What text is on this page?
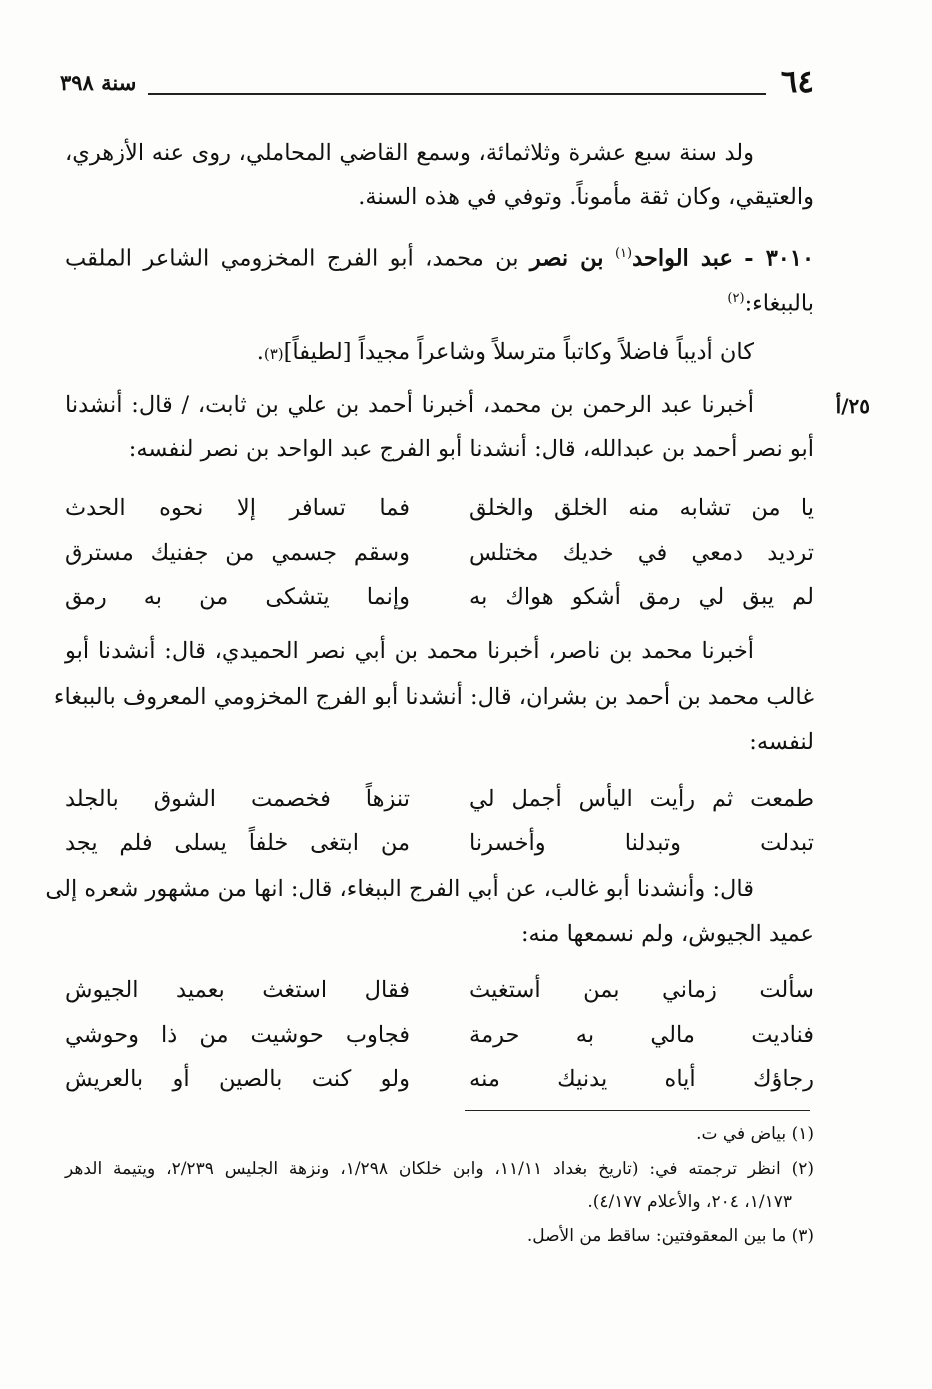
٦٤
سنة ٣٩٨
ولد سنة سبع عشرة وثلاثمائة، وسمع القاضي المحاملي، روى عنه الأزهري،
والعتيقي، وكان ثقة مأموناً. وتوفي في هذه السنة.
٣٠١٠ - عبد الواحد$^{(١)}$ بن نصر بن محمد، أبو الفرج المخزومي الشاعر الملقب
بالببغاء:$^{(٢)}$
كان أديباً فاضلاً وكاتباً مترسلاً وشاعراً مجيداً [لطيفاً](٣).
٢٥/أ
أخبرنا عبد الرحمن بن محمد، أخبرنا أحمد بن علي بن ثابت، / قال: أنشدنا
أبو نصر أحمد بن عبدالله، قال: أنشدنا أبو الفرج عبد الواحد بن نصر لنفسه:
يا من تشابه منه الخلق والخلق
فما تسافر إلا نحوه الحدث
ترديد دمعي في خديك مختلس
وسقم جسمي من جفنيك مسترق
لم يبق لي رمق أشكو هواك به
وإنما يتشكى من به رمق
أخبرنا محمد بن ناصر، أخبرنا محمد بن أبي نصر الحميدي، قال: أنشدنا أبو
غالب محمد بن أحمد بن بشران، قال: أنشدنا أبو الفرج المخزومي المعروف بالببغاء
لنفسه:
طمعت ثم رأيت اليأس أجمل لي
تنزهاً فخصمت الشوق بالجلد
تبدلت وتبدلنا وأخسرنا
من ابتغى خلفاً يسلى فلم يجد
قال: وأنشدنا أبو غالب، عن أبي الفرج الببغاء، قال: انها من مشهور شعره إلى
عميد الجيوش، ولم نسمعها منه:
سألت زماني بمن أستغيث
فقال استغث بعميد الجيوش
فناديت مالي به حرمة
فجاوب حوشيت من ذا وحوشي
رجاؤك أياه يدنيك منه
ولو كنت بالصين أو بالعريش
(١) بياض في ت.
(٢) انظر ترجمته في: (تاريخ بغداد ١١/١١، وابن خلكان ١/٢٩٨، ونزهة الجليس ٢/٢٣٩، ويتيمة الدهر
١/١٧٣، ٢٠٤، والأعلام ٤/١٧٧).
(٣) ما بين المعقوفتين: ساقط من الأصل.
